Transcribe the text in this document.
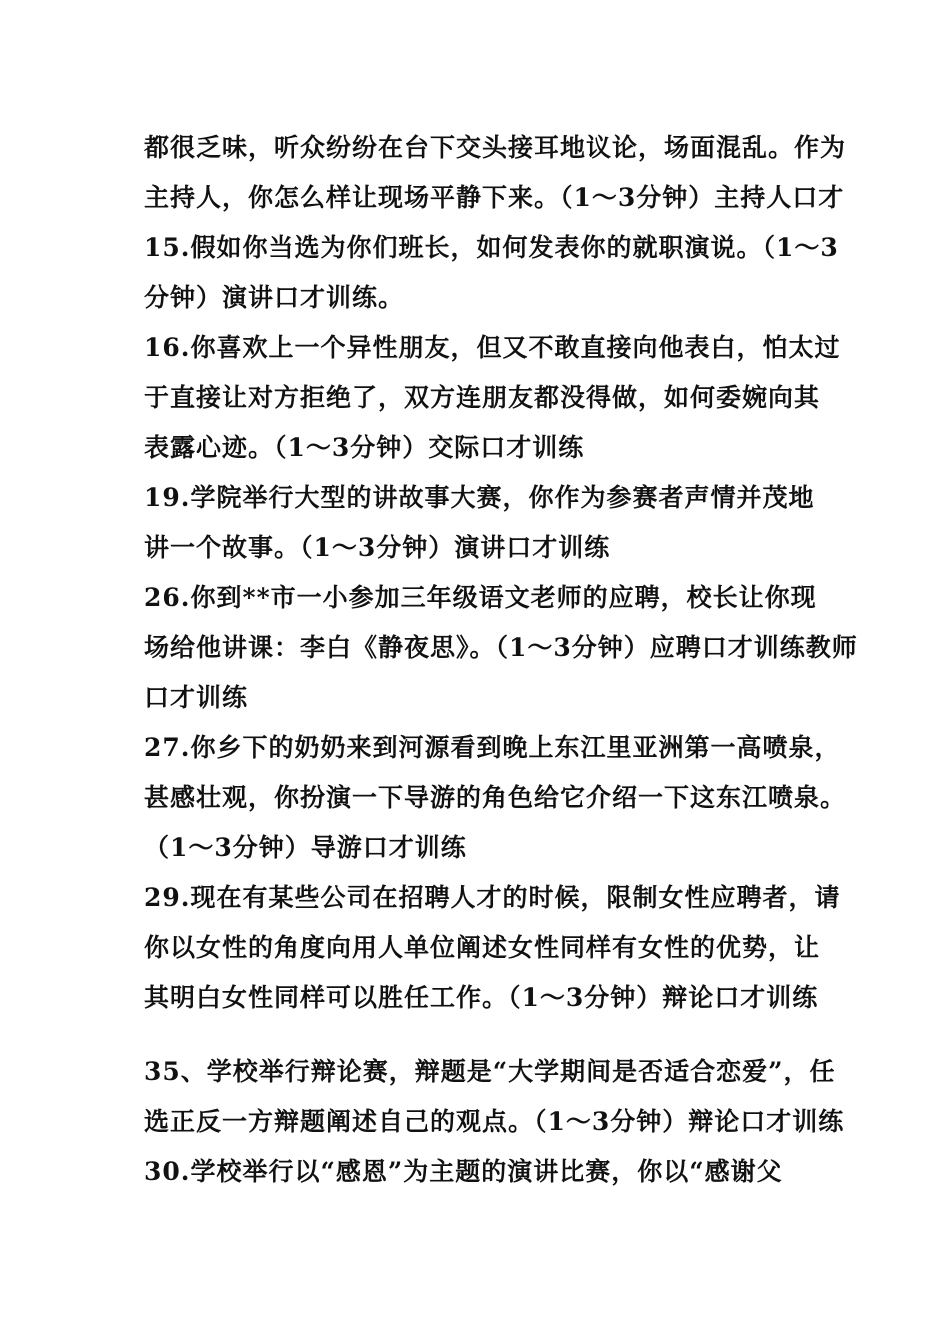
都很乏味，听众纷纷在台下交头接耳地议论，场面混乱。作为
主持人，你怎么样让现场平静下来。（1～3分钟）主持人口才
15.假如你当选为你们班长，如何发表你的就职演说。（1～3
分钟）演讲口才训练。
16.你喜欢上一个异性朋友，但又不敢直接向他表白，怕太过
于直接让对方拒绝了，双方连朋友都没得做，如何委婉向其
表露心迹。（1～3分钟）交际口才训练
19.学院举行大型的讲故事大赛，你作为参赛者声情并茂地
讲一个故事。（1～3分钟）演讲口才训练
26.你到**市一小参加三年级语文老师的应聘，校长让你现
场给他讲课：李白《静夜思》。（1～3分钟）应聘口才训练教师
口才训练
27.你乡下的奶奶来到河源看到晚上东江里亚洲第一高喷泉，
甚感壮观，你扮演一下导游的角色给它介绍一下这东江喷泉。
（1～3分钟）导游口才训练
29.现在有某些公司在招聘人才的时候，限制女性应聘者，请
你以女性的角度向用人单位阐述女性同样有女性的优势，让
其明白女性同样可以胜任工作。（1～3分钟）辩论口才训练
35、学校举行辩论赛，辩题是“大学期间是否适合恋爱”，任
选正反一方辩题阐述自己的观点。（1～3分钟）辩论口才训练
30.学校举行以“感恩”为主题的演讲比赛，你以“感谢父
